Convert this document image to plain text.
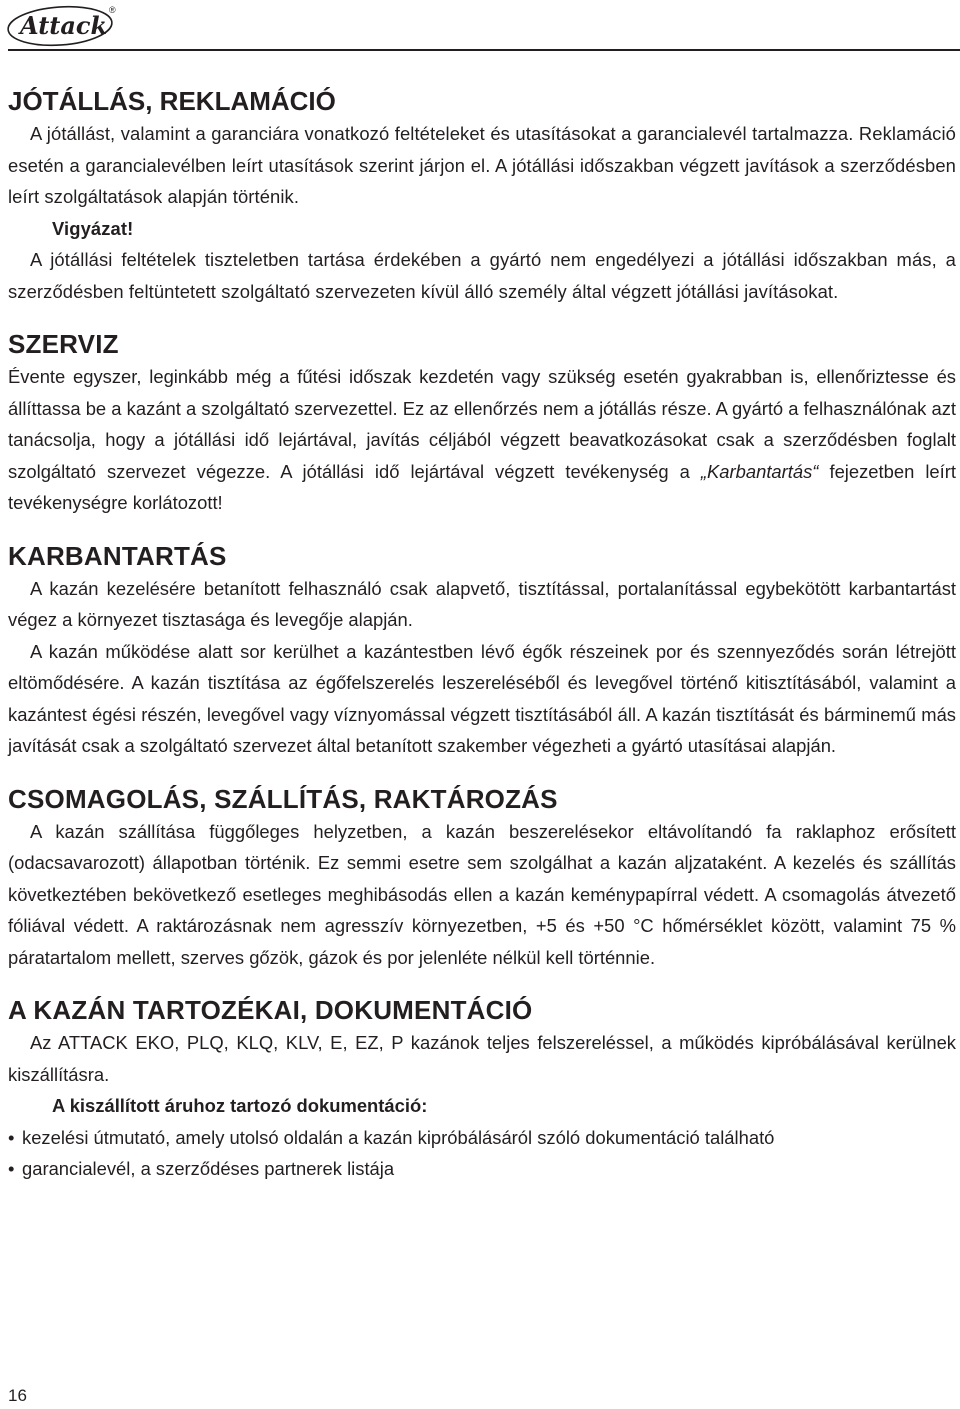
Attack
®
JÓTÁLLÁS, REKLAMÁCIÓ

A jótállást, valamint a garanciára vonatkozó feltételeket és utasításokat a garancialevél tartalmazza. Reklamáció esetén a garancialevélben leírt utasítások szerint járjon el. A jótállási időszakban végzett javítások a szerződésben leírt szolgáltatások alapján történik.

Vigyázat!

A jótállási feltételek tiszteletben tartása érdekében a gyártó nem engedélyezi a jótállási időszakban más, a szerződésben feltüntetett szolgáltató szervezeten kívül álló személy által végzett jótállási javításokat.

SZERVIZ

Évente egyszer, leginkább még a fűtési időszak kezdetén vagy szükség esetén gyakrabban is, ellenőriztesse és állíttassa be a kazánt a szolgáltató szervezettel. Ez az ellenőrzés nem a jótállás része. A gyártó a felhasználónak azt tanácsolja, hogy a jótállási idő lejártával, javítás céljából végzett beavatkozásokat csak a szerződésben foglalt szolgáltató szervezet végezze. A jótállási idő lejártával végzett tevékenység a „Karbantartás“ fejezetben leírt tevékenységre korlátozott!

KARBANTARTÁS

A kazán kezelésére betanított felhasználó csak alapvető, tisztítással, portalanítással egybekötött karbantartást végez a környezet tisztasága és levegője alapján.

A kazán működése alatt sor kerülhet a kazántestben lévő égők részeinek por és szennyeződés során létrejött eltömődésére. A kazán tisztítása az égőfelszerelés leszereléséből és levegővel történő kitisztításából, valamint a kazántest égési részén, levegővel vagy víznyomással végzett tisztításából áll. A kazán tisztítását és bárminemű más javítását csak a szolgáltató szervezet által betanított szakember végezheti a gyártó utasításai alapján.

CSOMAGOLÁS, SZÁLLÍTÁS, RAKTÁROZÁS

A kazán szállítása függőleges helyzetben, a kazán beszerelésekor eltávolítandó fa raklaphoz erősített (odacsavarozott) állapotban történik. Ez semmi esetre sem szolgálhat a kazán aljzataként. A kezelés és szállítás következtében bekövetkező esetleges meghibásodás ellen a kazán keménypapírral védett. A csomagolás átvezető fóliával védett. A raktározásnak nem agresszív környezetben, +5 és +50 °C hőmérséklet között, valamint 75 % páratartalom mellett, szerves gőzök, gázok és por jelenléte nélkül kell történnie.

A KAZÁN TARTOZÉKAI, DOKUMENTÁCIÓ

Az ATTACK EKO, PLQ, KLQ, KLV, E, EZ, P kazánok teljes felszereléssel, a működés kipróbálásával kerülnek kiszállításra.

A kiszállított áruhoz tartozó dokumentáció:

• kezelési útmutató, amely utolsó oldalán a kazán kipróbálásáról szóló dokumentáció található
• garancialevél, a szerződéses partnerek listája
16
